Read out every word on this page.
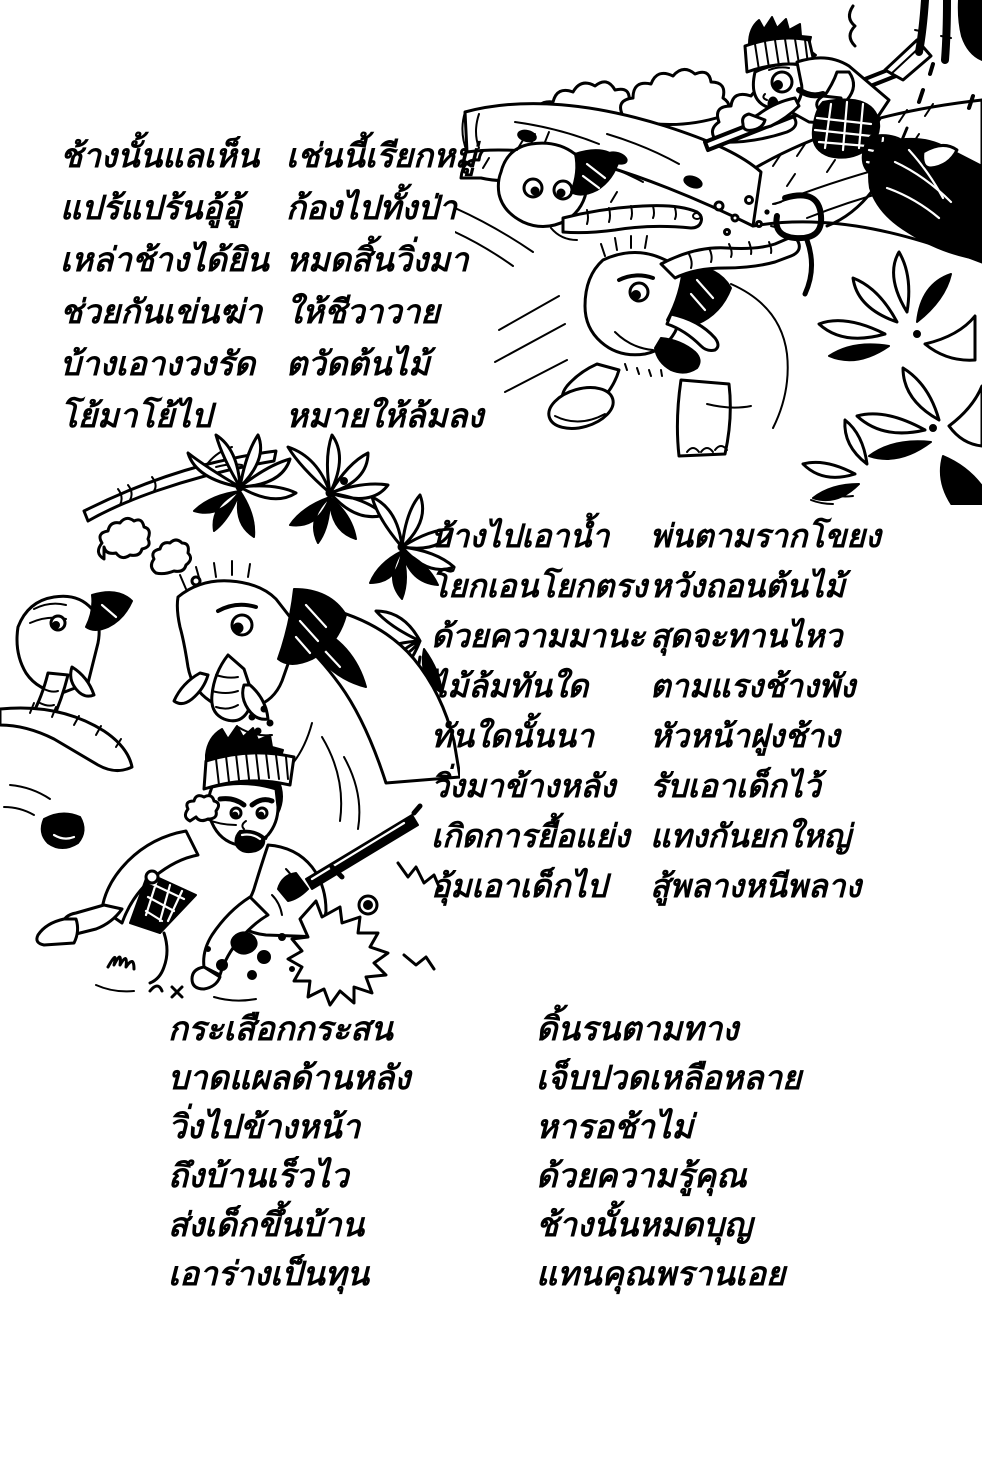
ช้างนั้นแลเห็น เช่นนี้เรียกหมู่
แปร้แปร้นอู้อู้	ก้องไปทั้งป่า
เหล่าช้างได้ยิน หมดสิ้นวิ่งมา
ช่วยกันเข่นฆ่า ให้ชีวาวาย
บ้างเอางวงรัด ตวัดต้นไม้
โย้มาโย้ไป	หมายให้ล้มลง
บ้างไปเอาน้ำ	พ่นตามรากโขยง
โยกเอนโยกตรง หวังถอนต้นไม้
ด้วยความมานะ สุดจะทานไหว
ไม้ล้มทันใด	ตามแรงช้างพัง
ทันใดนั้นนา	หัวหน้าฝูงช้าง
วิ่งมาข้างหลัง	รับเอาเด็กไว้
เกิดการยื้อแย่ง แทงกันยกใหญ่
อุ้มเอาเด็กไป	สู้พลางหนีพลาง
กระเสือกกระสน	ดิ้นรนตามทาง
บาดแผลด้านหลัง	เจ็บปวดเหลือหลาย
วิ่งไปข้างหน้า	หารอช้าไม่
ถึงบ้านเร็วไว	ด้วยความรู้คุณ
ส่งเด็กขึ้นบ้าน	ช้างนั้นหมดบุญ
เอาร่างเป็นทุน	แทนคุณพรานเอย
